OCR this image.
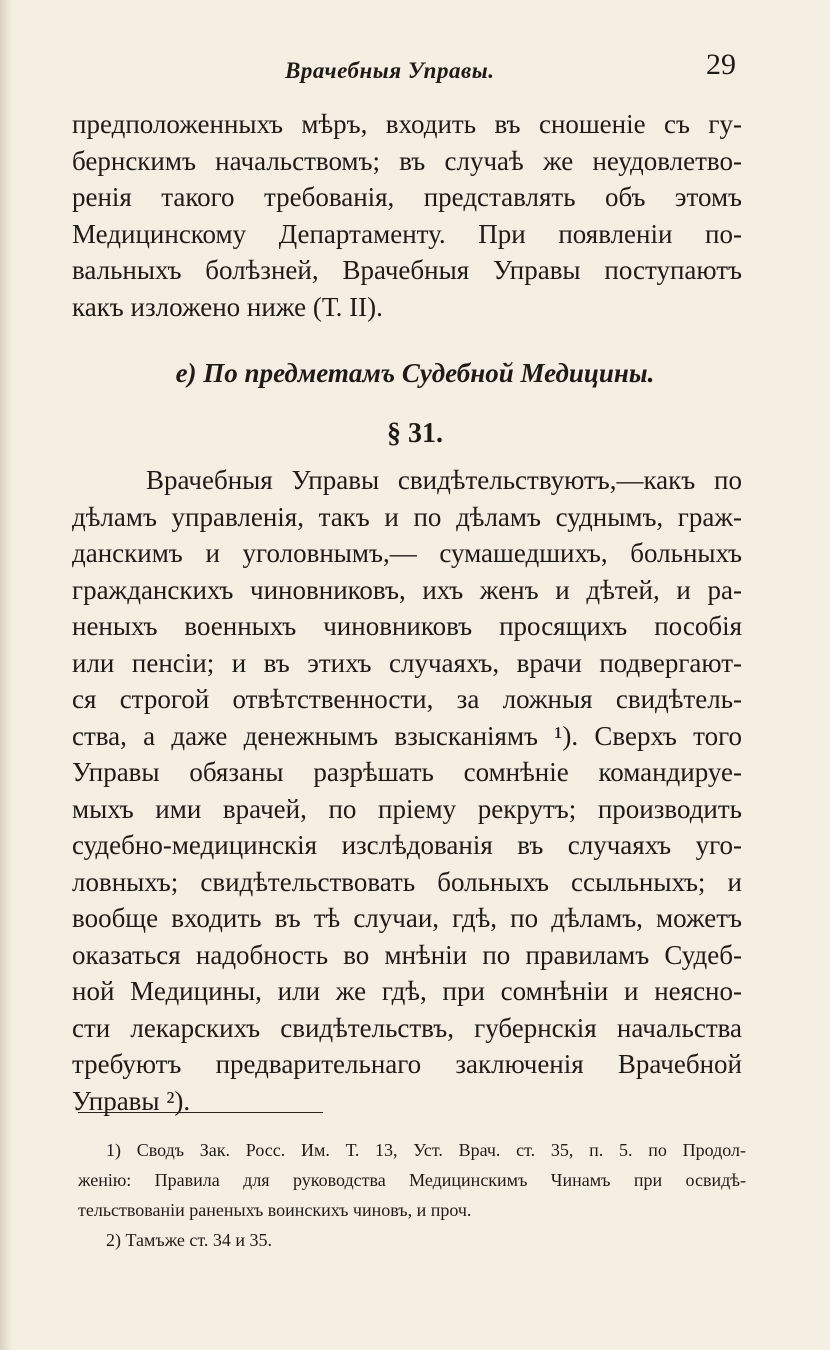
Врачебныя Управы.	29
предположенныхъ мѣръ, входить въ сношеніе съ гу-
бернскимъ начальствомъ; въ случаѣ же неудовлетво-
ренія такого требованія, представлять объ этомъ
Медицинскому Департаменту. При появленіи по-
вальныхъ болѣзней, Врачебныя Управы поступаютъ
какъ изложено ниже (Т. II).
е) По предметамъ Судебной Медицины.
§ 31.
Врачебныя Управы свидѣтельствуютъ,—какъ по
дѣламъ управленія, такъ и по дѣламъ суднымъ, граж-
данскимъ и уголовнымъ,— сумашедшихъ, больныхъ
гражданскихъ чиновниковъ, ихъ женъ и дѣтей, и ра-
неныхъ военныхъ чиновниковъ просящихъ пособія
или пенсіи; и въ этихъ случаяхъ, врачи подвергают-
ся строгой отвѣтственности, за ложныя свидѣтель-
ства, а даже денежнымъ взысканіямъ ¹). Сверхъ того
Управы обязаны разрѣшать сомнѣніе командируе-
мыхъ ими врачей, по пріему рекрутъ; производить
судебно-медицинскія изслѣдованія въ случаяхъ уго-
ловныхъ; свидѣтельствовать больныхъ ссыльныхъ; и
вообще входить въ тѣ случаи, гдѣ, по дѣламъ, можетъ
оказаться надобность во мнѣніи по правиламъ Судеб-
ной Медицины, или же гдѣ, при сомнѣніи и неясно-
сти лекарскихъ свидѣтельствъ, губернскія начальства
требуютъ предварительнаго заключенія Врачебной
Управы ²).
1) Сводъ Зак. Росс. Им. Т. 13, Уст. Врач. ст. 35, п. 5. по Продол-
женію: Правила для руководства Медицинскимъ Чинамъ при освидѣ-
тельствованіи раненыхъ воинскихъ чиновъ, и проч.
2) Тамъже ст. 34 и 35.
